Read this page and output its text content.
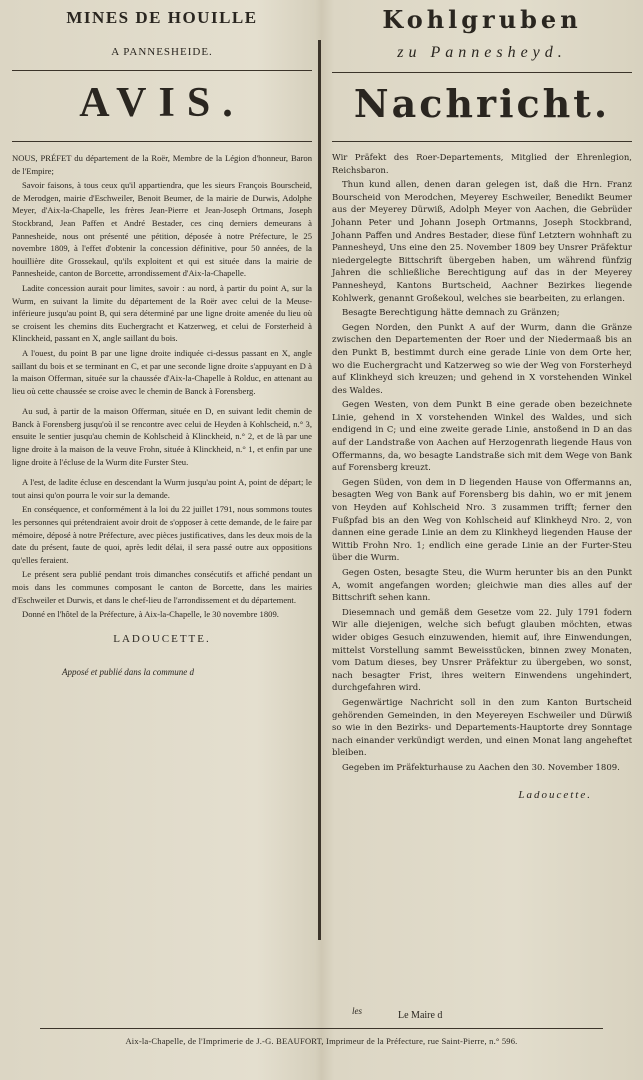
MINES DE HOUILLE
A PANNESHEIDE.
AVIS.

NOUS, PRÉFET du département de la Roër, Membre de la Légion d'honneur, Baron de l'Empire;

Savoir faisons, à tous ceux qu'il appartiendra, que les sieurs François Bourscheid, de Merodgen, mairie d'Eschweiler, Benoit Beumer, de la mairie de Durwis, Adolphe Meyer, d'Aix-la-Chapelle, les frères Jean-Pierre et Jean-Joseph Ortmans, Joseph Stockbrand, Jean Paffen et André Bestader, ces cinq derniers demeurans à Pannesheide, nous ont présenté une pétition, déposée à notre Préfecture, le 25 novembre 1809, à l'effet d'obtenir la concession définitive, pour 50 années, de la houillière dite Grossekaul, qu'ils exploitent et qui est située dans la mairie de Pannesheide, canton de Borcette, arrondissement d'Aix-la-Chapelle.

Ladite concession aurait pour limites, savoir : au nord, à partir du point A, sur la Wurm, en suivant la limite du département de la Roër avec celui de la Meuse-inférieure jusqu'au point B, qui sera déterminé par une ligne droite amenée du lieu où se croisent les chemins dits Euchergracht et Katzerweg, et celui de Forsterheid à Klinckheid, passant en X, angle saillant du bois.

A l'ouest, du point B par une ligne droite indiquée ci-dessus passant en X, angle saillant du bois et se terminant en C, et par une seconde ligne droite s'appuyant en D à la maison Offerman, située sur la chaussée d'Aix-la-Chapelle à Rolduc, en attenant au lieu où cette chaussée se croise avec le chemin de Banck à Forensberg.

Au sud, à partir de la maison Offerman, située en D, en suivant ledit chemin de Banck à Forensberg jusqu'où il se rencontre avec celui de Heyden à Kohlscheid, n.° 3, ensuite le sentier jusqu'au chemin de Kohlscheid à Klinckheid, n.° 2, et de là par une ligne droite à la maison de la veuve Frohn, située à Klinckheid, n.° 1, et enfin par une ligne droite à l'écluse de la Wurm dite Furster Steu.

A l'est, de ladite écluse en descendant la Wurm jusqu'au point A, point de départ; le tout ainsi qu'on pourra le voir sur la demande.

En conséquence, et conformément à la loi du 22 juillet 1791, nous sommons toutes les personnes qui prétendraient avoir droit de s'opposer à cette demande, de le faire par mémoire, déposé à notre Préfecture, avec pièces justificatives, dans les deux mois de la date du présent, faute de quoi, après ledit délai, il sera passé outre aux oppositions qu'elles feraient.

Le présent sera publié pendant trois dimanches consécutifs et affiché pendant un mois dans les communes composant le canton de Borcette, dans les mairies d'Eschweiler et Durwis, et dans le chef-lieu de l'arrondissement et du département.

Donné en l'hôtel de la Préfecture, à Aix-la-Chapelle, le 30 novembre 1809.

LADOUCETTE.
Apposé et publié dans la commune d
Kohlgruben
zu Pannesheyd.
Nachricht.

Wir Präfekt des Roer-Departements, Mitglied der Ehrenlegion, Reichsbaron.

Thun kund allen, denen daran gelegen ist, daß die Hrn. Franz Bourscheid von Merodchen, Meyerey Eschweiler, Benedikt Beumer aus der Meyerey Dürwiß, Adolph Meyer von Aachen, die Gebrüder Johann Peter und Johann Joseph Ortmanns, Joseph Stockbrand, Johann Paffen und Andres Bestader, diese fünf Letztern wohnhaft zu Pannesheyd, Uns eine den 25. November 1809 bey Unsrer Präfektur niedergelegte Bittschrift übergeben haben, um während fünfzig Jahren die schließliche Berechtigung auf das in der Meyerey Pannesheyd, Kantons Burtscheid, Aachner Bezirkes liegende Kohlwerk, genannt Großekoul, welches sie bearbeiten, zu erlangen.

Besagte Berechtigung hätte demnach zu Gränzen;

Gegen Norden, den Punkt A auf der Wurm, dann die Gränze zwischen den Departementen der Roer und der Niedermaaß bis an den Punkt B, bestimmt durch eine gerade Linie von dem Orte her, wo die Euchergracht und Katzerweg so wie der Weg von Forsterheyd auf Klinkheyd sich kreuzen; und gehend in X vorstehenden Winkel des Waldes.

Gegen Westen, von dem Punkt B eine gerade oben bezeichnete Linie, gehend in X vorstehenden Winkel des Waldes, und sich endigend in C; und eine zweite gerade Linie, anstoßend in D an das auf der Landstraße von Aachen auf Herzogenrath liegende Haus von Offermanns, da, wo besagte Landstraße sich mit dem Wege von Bank auf Forensberg kreuzt.

Gegen Süden, von dem in D liegenden Hause von Offermanns an, besagten Weg von Bank auf Forensberg bis dahin, wo er mit jenem von Heyden auf Kohlscheid Nro. 3 zusammen trifft; ferner den Fußpfad bis an den Weg von Kohlscheid auf Klinkheyd Nro. 2, von dannen eine gerade Linie an dem zu Klinkheyd liegenden Hause der Wittib Frohn Nro. 1; endlich eine gerade Linie an der Furter-Steu über die Wurm.

Gegen Osten, besagte Steu, die Wurm herunter bis an den Punkt A, womit angefangen worden; gleichwie man dies alles auf der Bittschrift sehen kann.

Diesemnach und gemäß dem Gesetze vom 22. July 1791 fodern Wir alle diejenigen, welche sich befugt glauben möchten, etwas wider obiges Gesuch einzuwenden, hiemit auf, ihre Einwendungen, mittelst Vorstellung sammt Beweisstücken, binnen zwey Monaten, vom Datum dieses, bey Unsrer Präfektur zu übergeben, wo sonst, nach besagter Frist, ihres weitern Einwendens ungehindert, durchgefahren wird.

Gegenwärtige Nachricht soll in den zum Kanton Burtscheid gehörenden Gemeinden, in den Meyereyen Eschweiler und Dürwiß so wie in den Bezirks- und Departements-Hauptorte drey Sonntage nach einander verkündigt werden, und einen Monat lang angeheftet bleiben.

Gegeben im Präfekturhause zu Aachen den 30. November 1809.

Ladoucette.
les	Le Maire d
Aix-la-Chapelle, de l'Imprimerie de J.-G. BEAUFORT, Imprimeur de la Préfecture, rue Saint-Pierre, n.° 596.
